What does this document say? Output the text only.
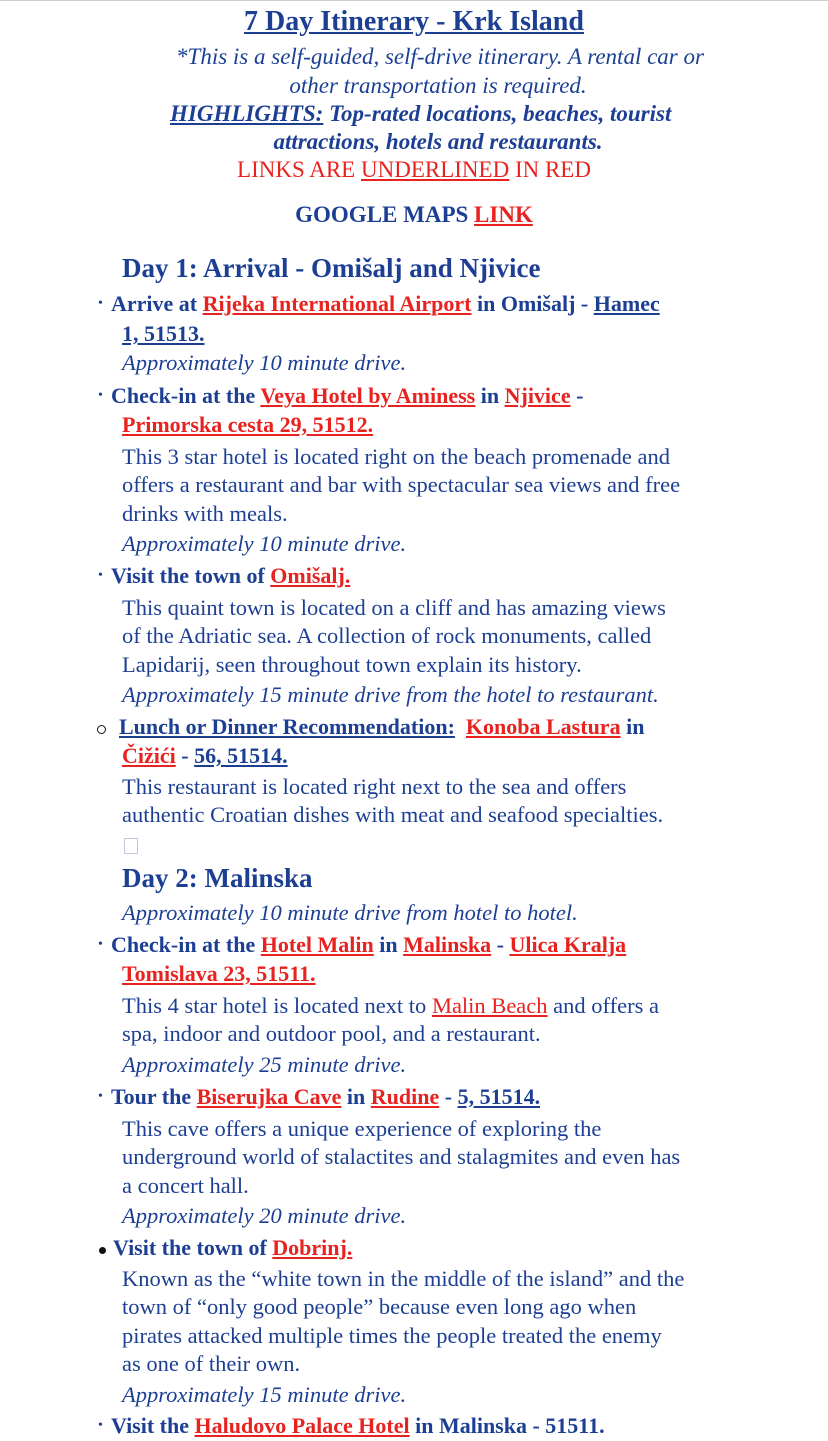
7 Day Itinerary - Krk Island
*This is a self-guided, self-drive itinerary. A rental car or
other transportation is required.
HIGHLIGHTS: Top-rated locations, beaches, tourist
attractions, hotels and restaurants.
LINKS ARE UNDERLINED IN RED
GOOGLE MAPS LINK
Day 1: Arrival - Omišalj and Njivice
• Arrive at Rijeka International Airport in Omišalj - Hamec
1, 51513.
Approximately 10 minute drive.
• Check-in at the Veya Hotel by Aminess in Njivice -
Primorska cesta 29, 51512.
This 3 star hotel is located right on the beach promenade and
offers a restaurant and bar with spectacular sea views and free
drinks with meals.
Approximately 10 minute drive.
• Visit the town of Omišalj.
This quaint town is located on a cliff and has amazing views
of the Adriatic sea. A collection of rock monuments, called
Lapidarij, seen throughout town explain its history.
Approximately 15 minute drive from the hotel to restaurant.
Lunch or Dinner Recommendation: Konoba Lastura in
Čižići - 56, 51514.
This restaurant is located right next to the sea and offers
authentic Croatian dishes with meat and seafood specialties.
Day 2: Malinska
Approximately 10 minute drive from hotel to hotel.
• Check-in at the Hotel Malin in Malinska - Ulica Kralja
Tomislava 23, 51511.
This 4 star hotel is located next to Malin Beach and offers a
spa, indoor and outdoor pool, and a restaurant.
Approximately 25 minute drive.
• Tour the Biserujka Cave in Rudine - 5, 51514.
This cave offers a unique experience of exploring the
underground world of stalactites and stalagmites and even has
a concert hall.
Approximately 20 minute drive.
Visit the town of Dobrinj.
Known as the “white town in the middle of the island” and the
town of “only good people” because even long ago when
pirates attacked multiple times the people treated the enemy
as one of their own.
Approximately 15 minute drive.
• Visit the Haludovo Palace Hotel in Malinska - 51511.
